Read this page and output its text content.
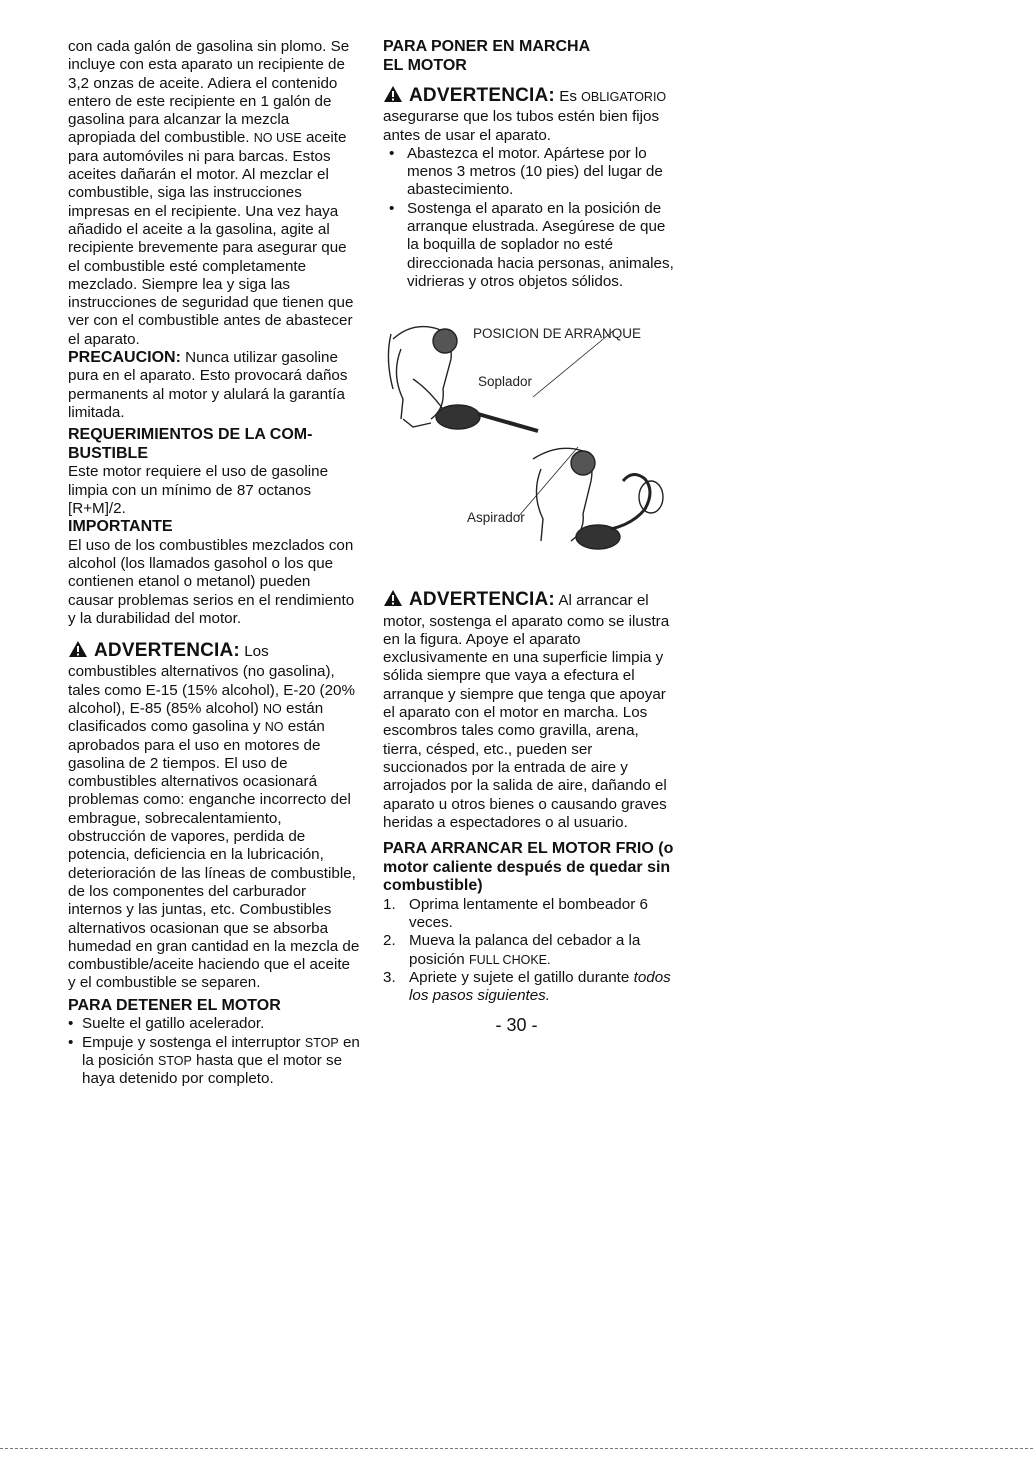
con cada galón de gasolina sin plomo. Se incluye con esta aparato un recipiente de 3,2 onzas de aceite. Adiera el contenido entero de este recipiente en 1 galón de gasolina para alcanzar la mezcla apropiada del combustible. NO USE aceite para automóviles ni para barcas. Estos aceites dañarán el motor. Al mezclar el combustible, siga las instrucciones impresas en el recipiente. Una vez haya añadido el aceite a la gasolina, agite al recipiente brevemente para asegurar que el combustible esté completamente mezclado. Siempre lea y siga las instrucciones de seguridad que tienen que ver con el combustible antes de abastecer el aparato.

PRECAUCION: Nunca utilizar gasoline pura en el aparato. Esto provocará daños permanents al motor y alulará la garantía limitada.

REQUERIMIENTOS DE LA COM-BUSTIBLE

Este motor requiere el uso de gasoline limpia con un mínimo de 87 octanos [R+M]/2.

IMPORTANTE

El uso de los combustibles mezclados con alcohol (los llamados gasohol o los que contienen etanol o metanol) pueden causar problemas serios en el rendimiento y la durabilidad del motor.

ADVERTENCIA: Los combustibles alternativos (no gasolina), tales como E-15 (15% alcohol), E-20 (20% alcohol), E-85 (85% alcohol) NO están clasificados como gasolina y NO están aprobados para el uso en motores de gasolina de 2 tiempos. El uso de combustibles alternativos ocasionará problemas como: enganche incorrecto del embrague, sobrecalentamiento, obstrucción de vapores, perdida de potencia, deficiencia en la lubricación, deterioración de las líneas de combustible, de los componentes del carburador internos y las juntas, etc. Combustibles alternativos ocasionan que se absorba humedad en gran cantidad en la mezcla de combustible/aceite haciendo que el aceite y el combustible se separen.

PARA DETENER EL MOTOR

• Suelte el gatillo acelerador.
• Empuje y sostenga el interruptor STOP en la posición STOP hasta que el motor se haya detenido por completo.

PARA PONER EN MARCHA EL MOTOR

ADVERTENCIA: Es OBLIGATORIO asegurarse que los tubos estén bien fijos antes de usar el aparato.
• Abastezca el motor. Apártese por lo menos 3 metros (10 pies) del lugar de abastecimiento.
• Sostenga el aparato en la posición de arranque elustrada. Asegúrese de que la boquilla de soplador no esté direccionada hacia personas, animales, vidrieras y otros objetos sólidos.
POSICION DE ARRANQUE
Soplador
Aspirador
ADVERTENCIA: Al arrancar el motor, sostenga el aparato como se ilustra en la figura. Apoye el aparato exclusivamente en una superficie limpia y sólida siempre que vaya a efectura el arranque y siempre que tenga que apoyar el aparato con el motor en marcha. Los escombros tales como gravilla, arena, tierra, césped, etc., pueden ser succionados por la entrada de aire y arrojados por la salida de aire, dañando el aparato u otros bienes o causando graves heridas a espectadores o al usuario.

PARA ARRANCAR EL MOTOR FRIO (o motor caliente después de quedar sin combustible)

1. Oprima lentamente el bombeador 6 veces.
2. Mueva la palanca del cebador a la posición FULL CHOKE.
3. Apriete y sujete el gatillo durante todos los pasos siguientes.
- 30 -
